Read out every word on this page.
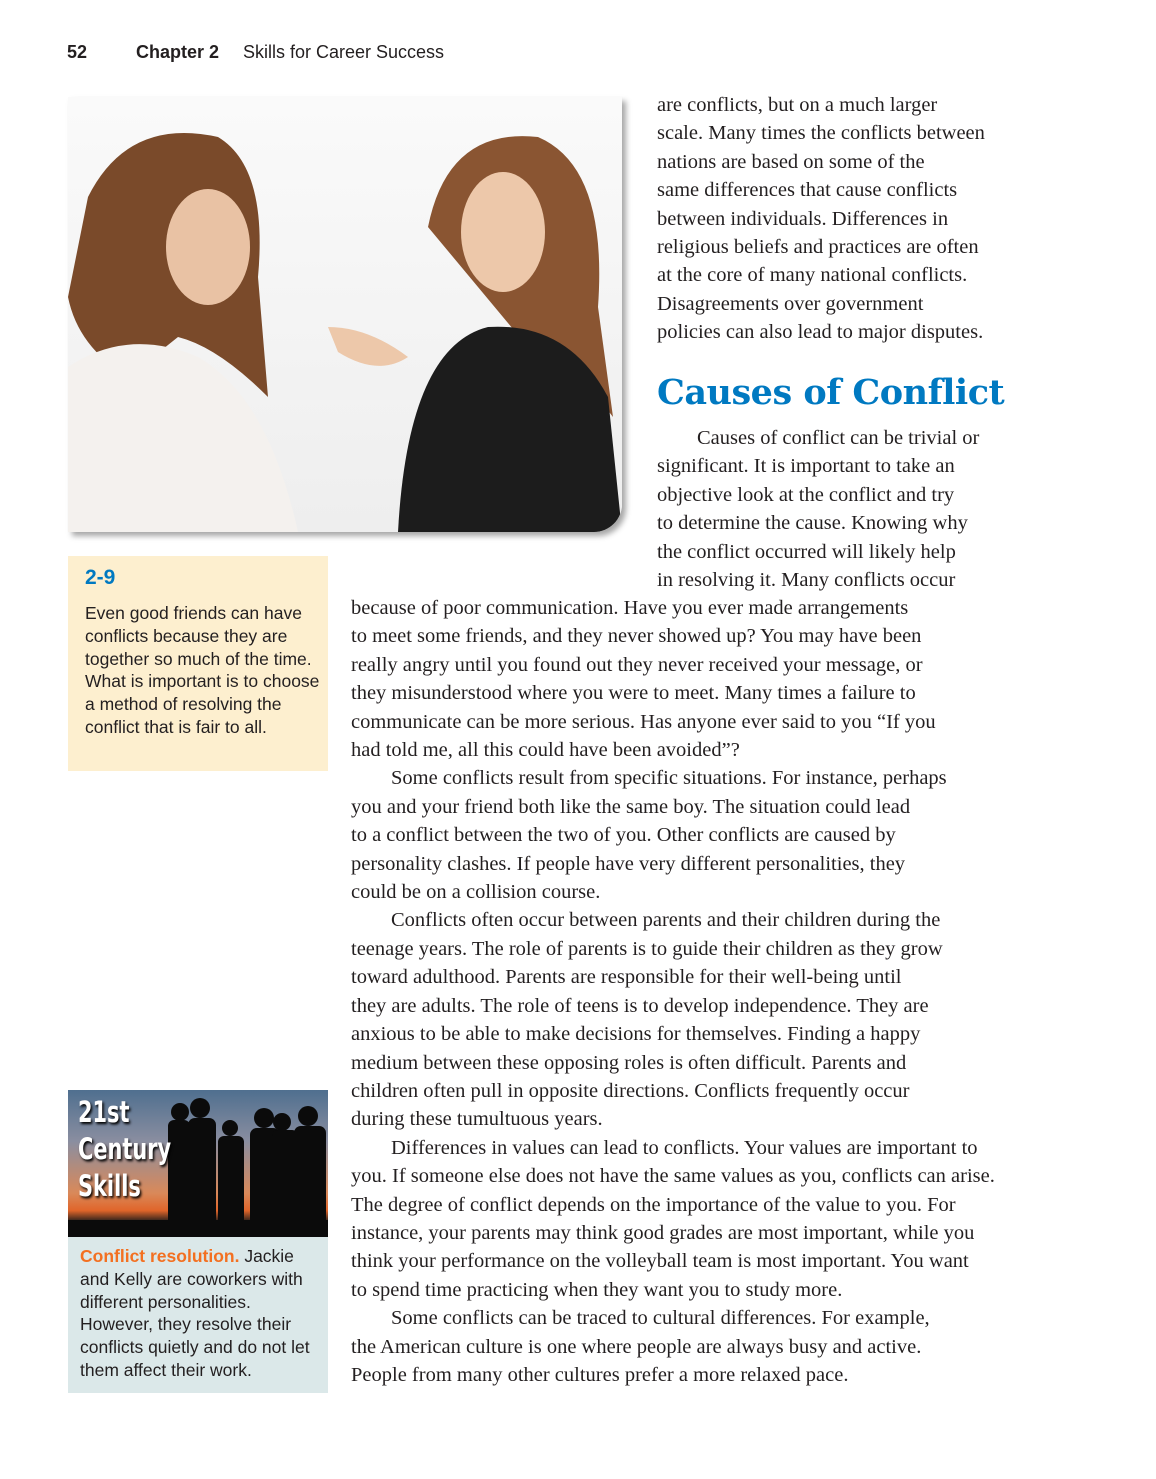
52	Chapter 2 Skills for Career Success
are conflicts, but on a much larger
scale. Many times the conflicts between
nations are based on some of the
same differences that cause conflicts
between individuals. Differences in
religious beliefs and practices are often
at the core of many national conflicts.
Disagreements over government
policies can also lead to major disputes.
Causes of Conflict
Causes of conflict can be trivial or
significant. It is important to take an
objective look at the conflict and try
to determine the cause. Knowing why
the conflict occurred will likely help
in resolving it. Many conflicts occur
because of poor communication. Have you ever made arrangements
to meet some friends, and they never showed up? You may have been
really angry until you found out they never received your message, or
they misunderstood where you were to meet. Many times a failure to
communicate can be more serious. Has anyone ever said to you “If you
had told me, all this could have been avoided”?
Some conflicts result from specific situations. For instance, perhaps
you and your friend both like the same boy. The situation could lead
to a conflict between the two of you. Other conflicts are caused by
personality clashes. If people have very different personalities, they
could be on a collision course.
Conflicts often occur between parents and their children during the
teenage years. The role of parents is to guide their children as they grow
toward adulthood. Parents are responsible for their well-being until
they are adults. The role of teens is to develop independence. They are
anxious to be able to make decisions for themselves. Finding a happy
medium between these opposing roles is often difficult. Parents and
children often pull in opposite directions. Conflicts frequently occur
during these tumultuous years.
Differences in values can lead to conflicts. Your values are important to
you. If someone else does not have the same values as you, conflicts can arise.
The degree of conflict depends on the importance of the value to you. For
instance, your parents may think good grades are most important, while you
think your performance on the volleyball team is most important. You want
to spend time practicing when they want you to study more.
Some conflicts can be traced to cultural differences. For example,
the American culture is one where people are always busy and active.
People from many other cultures prefer a more relaxed pace.
2-9
Even good friends can have conflicts because they are together so much of the time. What is important is to choose a method of resolving the conflict that is fair to all.
21st
Century
Skills
Conflict resolution. Jackie and Kelly are coworkers with different personalities. However, they resolve their conflicts quietly and do not let them affect their work.
